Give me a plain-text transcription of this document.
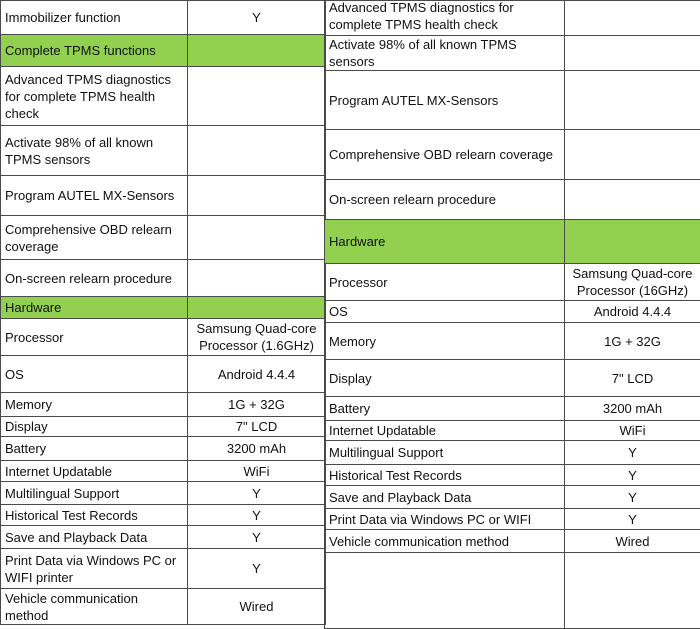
Immobilizer function	Y
Complete TPMS functions	
Advanced TPMS diagnostics for complete TPMS health check	
Activate 98% of all known TPMS sensors	
Program AUTEL MX-Sensors	
Comprehensive OBD relearn coverage	
On-screen relearn procedure	
Hardware	
Processor	Samsung Quad-core Processor (1.6GHz)
OS	Android 4.4.4
Memory	1G + 32G
Display	7" LCD
Battery	3200 mAh
Internet Updatable	WiFi
Multilingual Support	Y
Historical Test Records	Y
Save and Playback Data	Y
Print Data via Windows PC or WIFI printer	Y
Vehicle communication method	Wired
Advanced TPMS diagnostics for complete TPMS health check	
Activate 98% of all known TPMS sensors	
Program AUTEL MX-Sensors	
Comprehensive OBD relearn coverage	
On-screen relearn procedure	
Hardware	
Processor	Samsung Quad-core Processor (16GHz)
OS	Android 4.4.4
Memory	1G + 32G
Display	7" LCD
Battery	3200 mAh
Internet Updatable	WiFi
Multilingual Support	Y
Historical Test Records	Y
Save and Playback Data	Y
Print Data via Windows PC or WIFI	Y
Vehicle communication method	Wired
